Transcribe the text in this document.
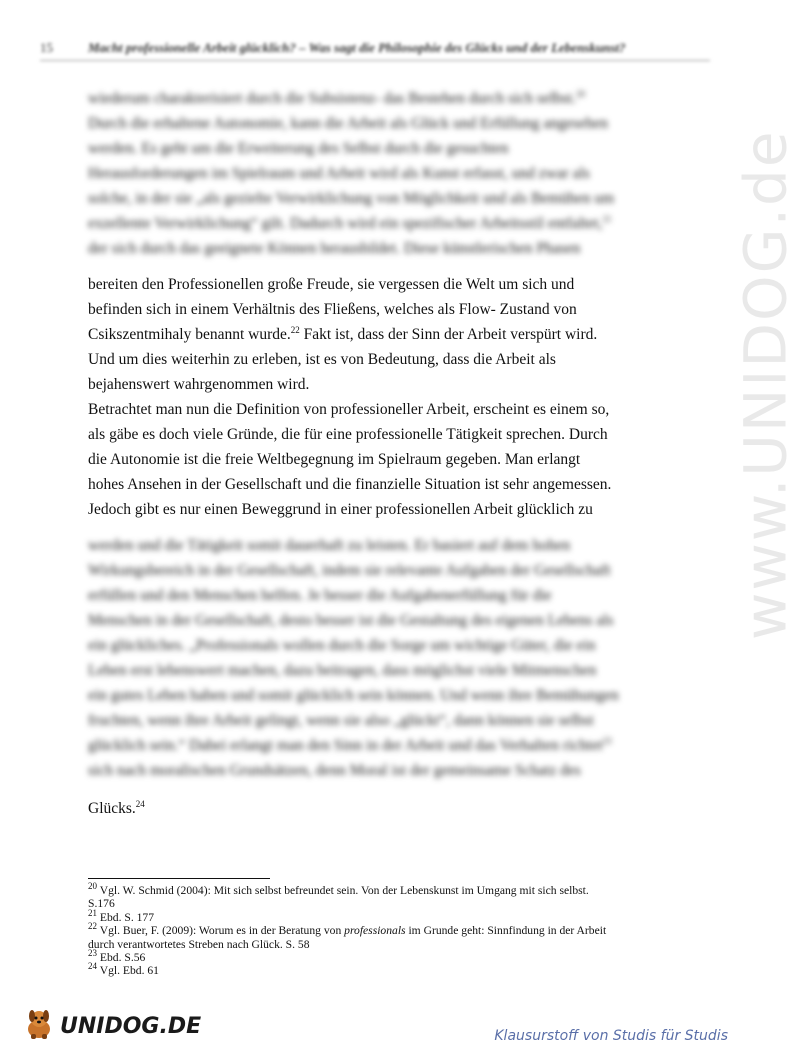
15	Macht professionelle Arbeit glücklich? – Was sagt die Philosophie des Glücks und der Lebenskunst?
www.UNIDOG.de
wiederum charakterisiert durch die Subsistenz- das Bestehen durch sich selbst.$^{20}$
Durch die erhaltene Autonomie, kann die Arbeit als Glück und Erfüllung angesehen
werden. Es geht um die Erweiterung des Selbst durch die gesuchten
Herausforderungen im Spielraum und Arbeit wird als Kunst erfasst, und zwar als
solche, in der sie „als gezielte Verwirklichung von Möglichkeit und als Bemühen um
exzellente Verwirklichung“ gilt. Dadurch wird ein spezifischer Arbeitsstil entfaltet,$^{21}$
der sich durch das geeignete Können herausbildet. Diese künstlerischen Phasen
bereiten den Professionellen große Freude, sie vergessen die Welt um sich und
befinden sich in einem Verhältnis des Fließens, welches als Flow- Zustand von
Csikszentmihaly benannt wurde.$^{22}$ Fakt ist, dass der Sinn der Arbeit verspürt wird.
Und um dies weiterhin zu erleben, ist es von Bedeutung, dass die Arbeit als
bejahenswert wahrgenommen wird.
Betrachtet man nun die Definition von professioneller Arbeit, erscheint es einem so,
als gäbe es doch viele Gründe, die für eine professionelle Tätigkeit sprechen. Durch
die Autonomie ist die freie Weltbegegnung im Spielraum gegeben. Man erlangt
hohes Ansehen in der Gesellschaft und die finanzielle Situation ist sehr angemessen.
Jedoch gibt es nur einen Beweggrund in einer professionellen Arbeit glücklich zu
werden und die Tätigkeit somit dauerhaft zu leisten. Er basiert auf dem hohen
Wirkungsbereich in der Gesellschaft, indem sie relevante Aufgaben der Gesellschaft
erfüllen und den Menschen helfen. Je besser die Aufgabenerfüllung für die
Menschen in der Gesellschaft, desto besser ist die Gestaltung des eigenen Lebens als
ein glückliches. „Professionals wollen durch die Sorge um wichtige Güter, die ein
Leben erst lebenswert machen, dazu beitragen, dass möglichst viele Mitmenschen
ein gutes Leben haben und somit glücklich sein können. Und wenn ihre Bemühungen
fruchten, wenn ihre Arbeit gelingt, wenn sie also „glückt“, dann können sie selbst
glücklich sein.“ Dabei erlangt man den Sinn in der Arbeit und das Verhalten richtet$^{23}$
sich nach moralischen Grundsätzen, denn Moral ist der gemeinsame Schatz des
Glücks.$^{24}$
$^{20}$ Vgl. W. Schmid (2004): Mit sich selbst befreundet sein. Von der Lebenskunst im Umgang mit sich selbst. S.176
$^{21}$ Ebd. S. 177
$^{22}$ Vgl. Buer, F. (2009): Worum es in der Beratung von professionals im Grunde geht: Sinnfindung in der Arbeit durch verantwortetes Streben nach Glück. S. 58
$^{23}$ Ebd. S.56
$^{24}$ Vgl. Ebd. 61
UNIDOG.DE	Klausurstoff von Studis für Studis
